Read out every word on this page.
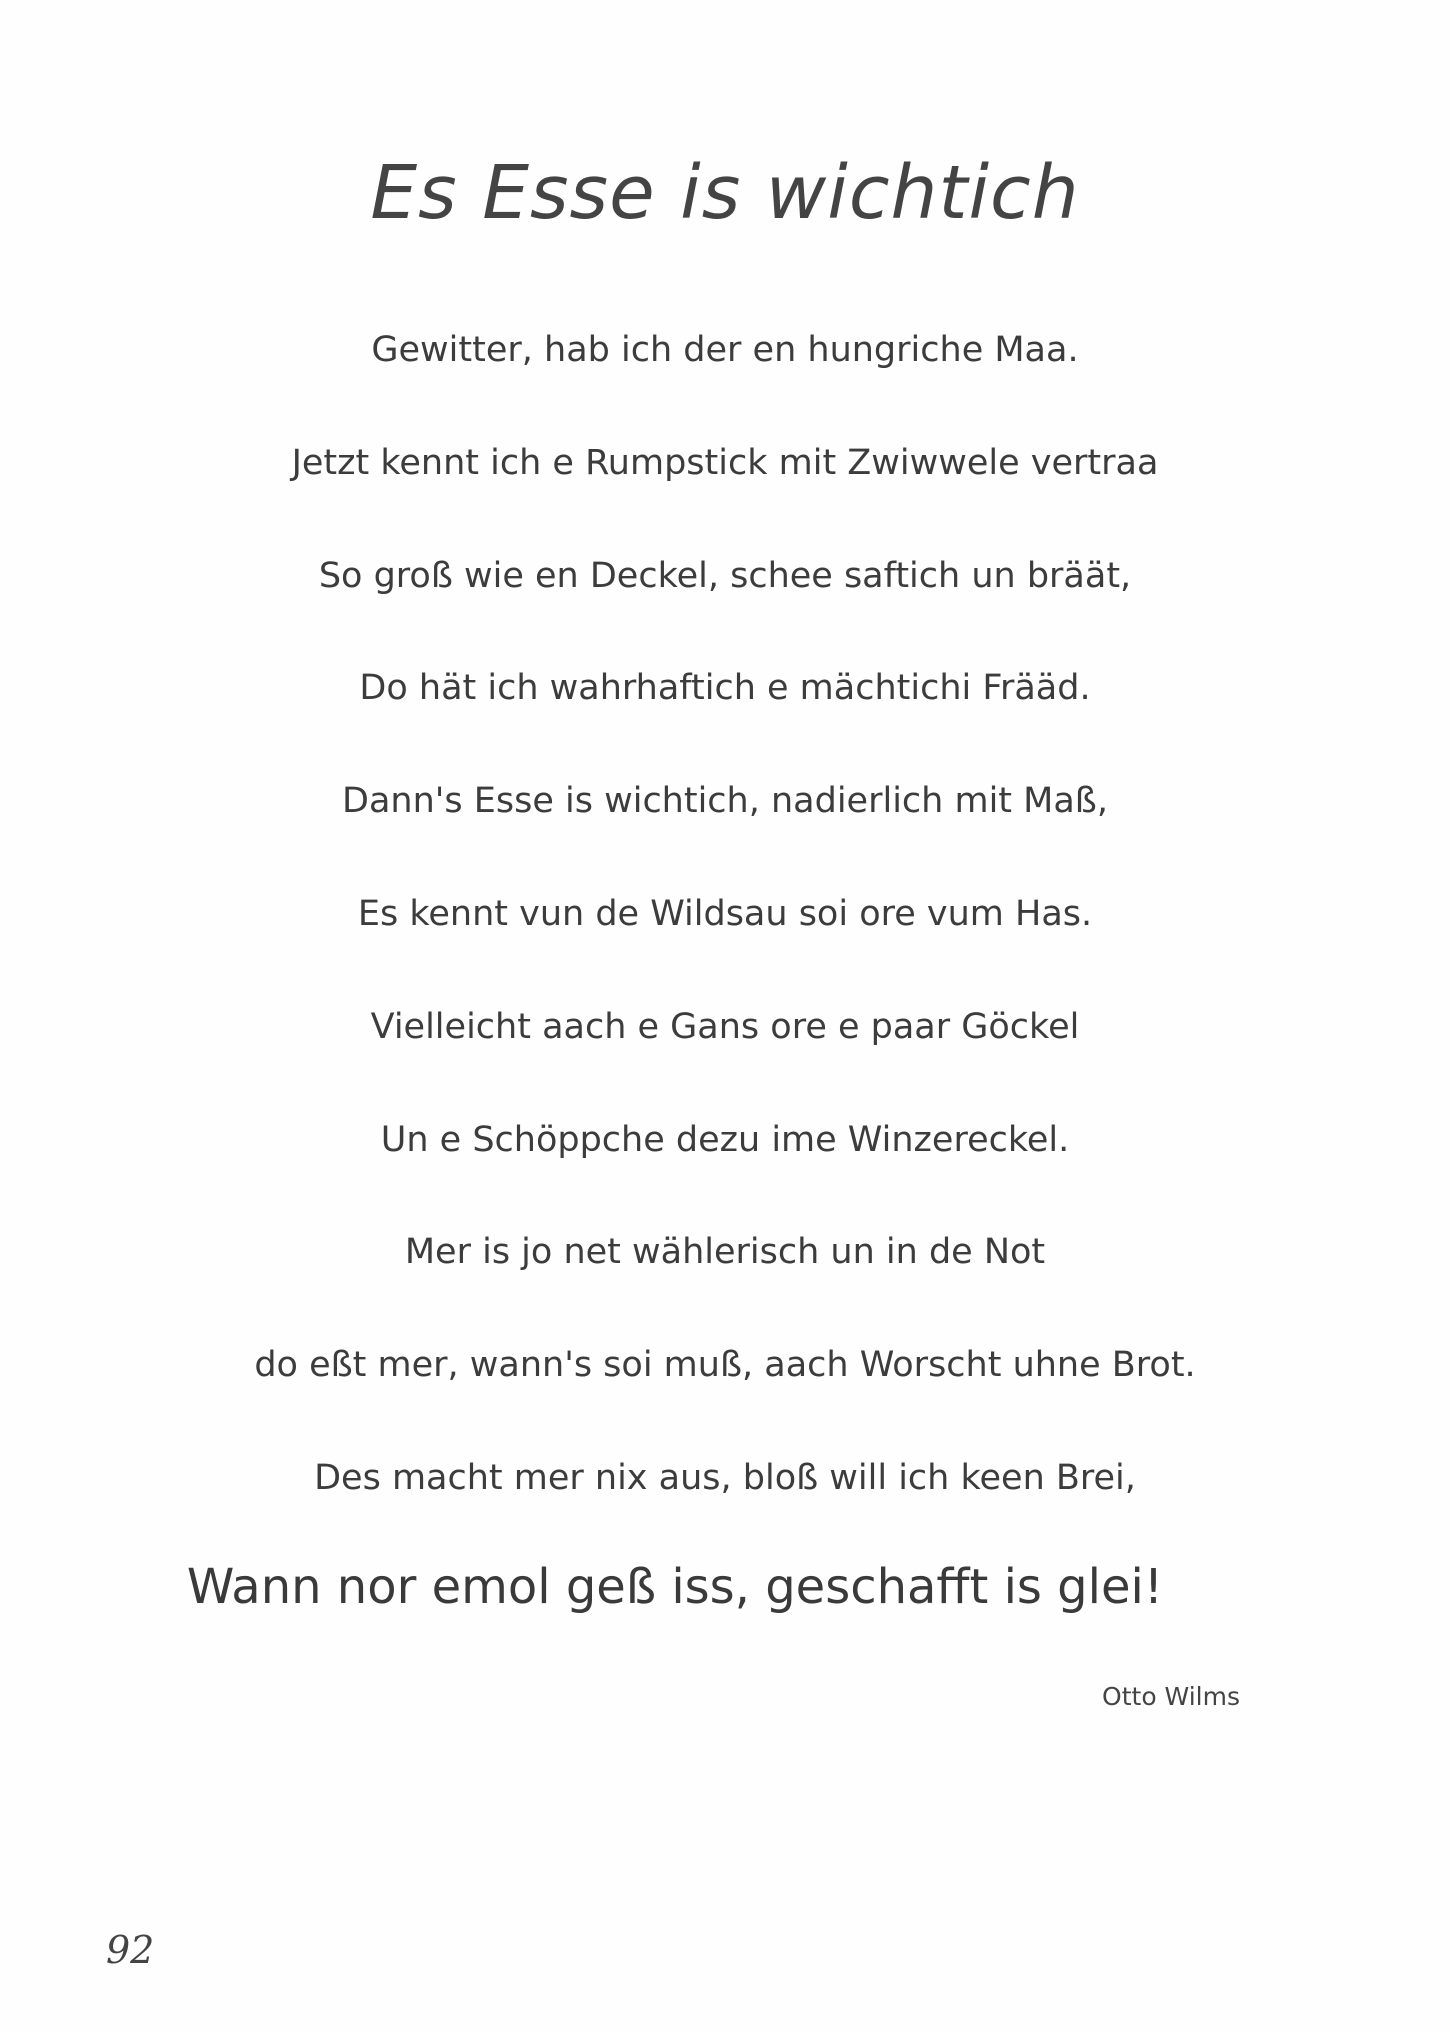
Es Esse is wichtich
Gewitter, hab ich der en hungriche Maa.
Jetzt kennt ich e Rumpstick mit Zwiwwele vertraa
So groß wie en Deckel, schee saftich un bräät,
Do hät ich wahrhaftich e mächtichi Frääd.
Dann's Esse is wichtich, nadierlich mit Maß,
Es kennt vun de Wildsau soi ore vum Has.
Vielleicht aach e Gans ore e paar Göckel
Un e Schöppche dezu ime Winzereckel.
Mer is jo net wählerisch un in de Not
do eßt mer, wann's soi muß, aach Worscht uhne Brot.
Des macht mer nix aus, bloß will ich keen Brei,
Wann nor emol geß iss, geschafft is glei!
Otto Wilms
92
